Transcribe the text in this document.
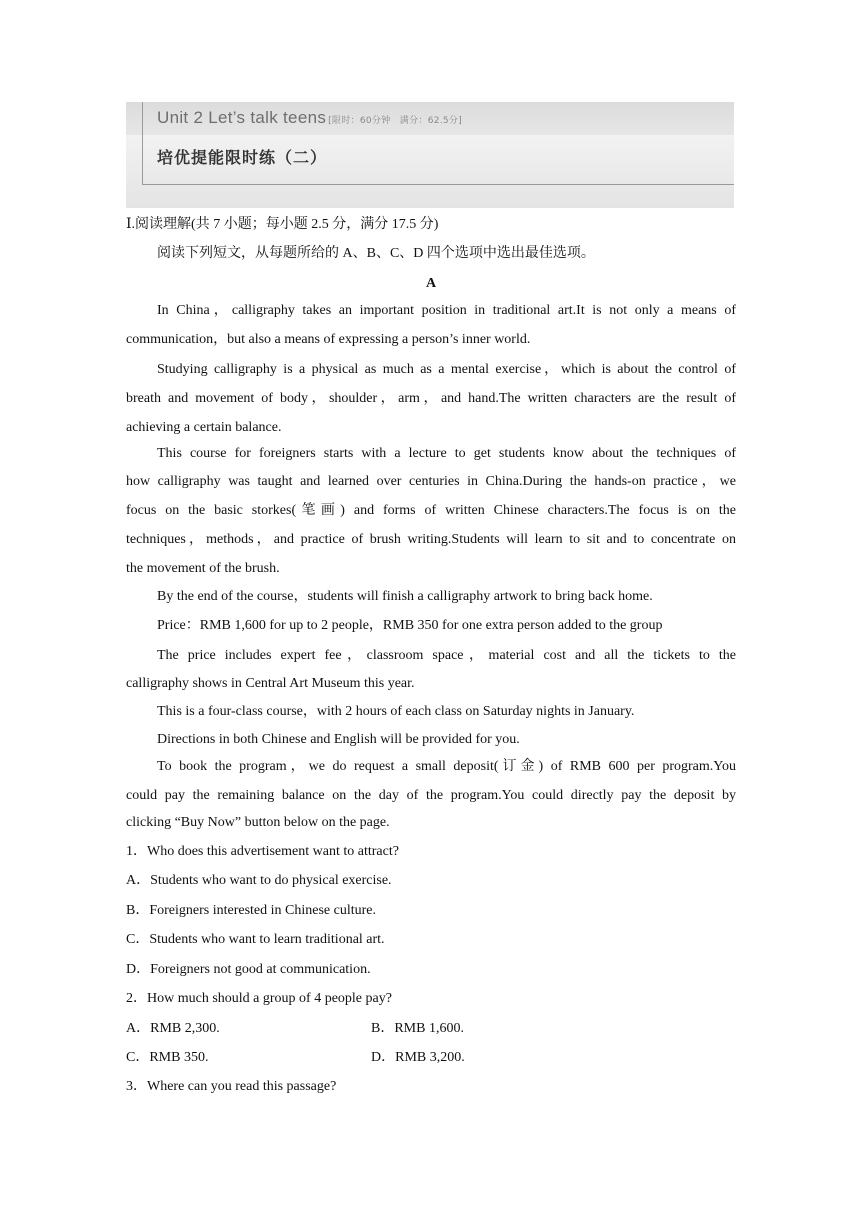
Unit 2 Let’s talk teens [限时：60分钟　满分：62.5分]
培优提能限时练（二）
Ⅰ.阅读理解(共 7 小题；每小题 2.5 分，满分 17.5 分)
阅读下列短文，从每题所给的 A、B、C、D 四个选项中选出最佳选项。
A
In China，calligraphy takes an important position in traditional art.It is not only a means of
communication，but also a means of expressing a person’s inner world.
Studying calligraphy is a physical as much as a mental exercise，which is about the control of
breath and movement of body，shoulder，arm，and hand.The written characters are the result of
achieving a certain balance.
This course for foreigners starts with a lecture to get students know about the techniques of
how calligraphy was taught and learned over centuries in China.During the hands-on practice，we
focus on the basic storkes(笔画) and forms of written Chinese characters.The focus is on the
techniques，methods，and practice of brush writing.Students will learn to sit and to concentrate on
the movement of the brush.
By the end of the course，students will finish a calligraphy artwork to bring back home.
Price：RMB 1,600 for up to 2 people，RMB 350 for one extra person added to the group
The price includes expert fee，classroom space，material cost and all the tickets to the
calligraphy shows in Central Art Museum this year.
This is a four-class course，with 2 hours of each class on Saturday nights in January.
Directions in both Chinese and English will be provided for you.
To book the program，we do request a small deposit(订金) of RMB 600 per program.You
could pay the remaining balance on the day of the program.You could directly pay the deposit by
clicking “Buy Now” button below on the page.
1．Who does this advertisement want to attract?
A．Students who want to do physical exercise.
B．Foreigners interested in Chinese culture.
C．Students who want to learn traditional art.
D．Foreigners not good at communication.
2．How much should a group of 4 people pay?
A．RMB 2,300.	B．RMB 1,600.
C．RMB 350.	D．RMB 3,200.
3．Where can you read this passage?
